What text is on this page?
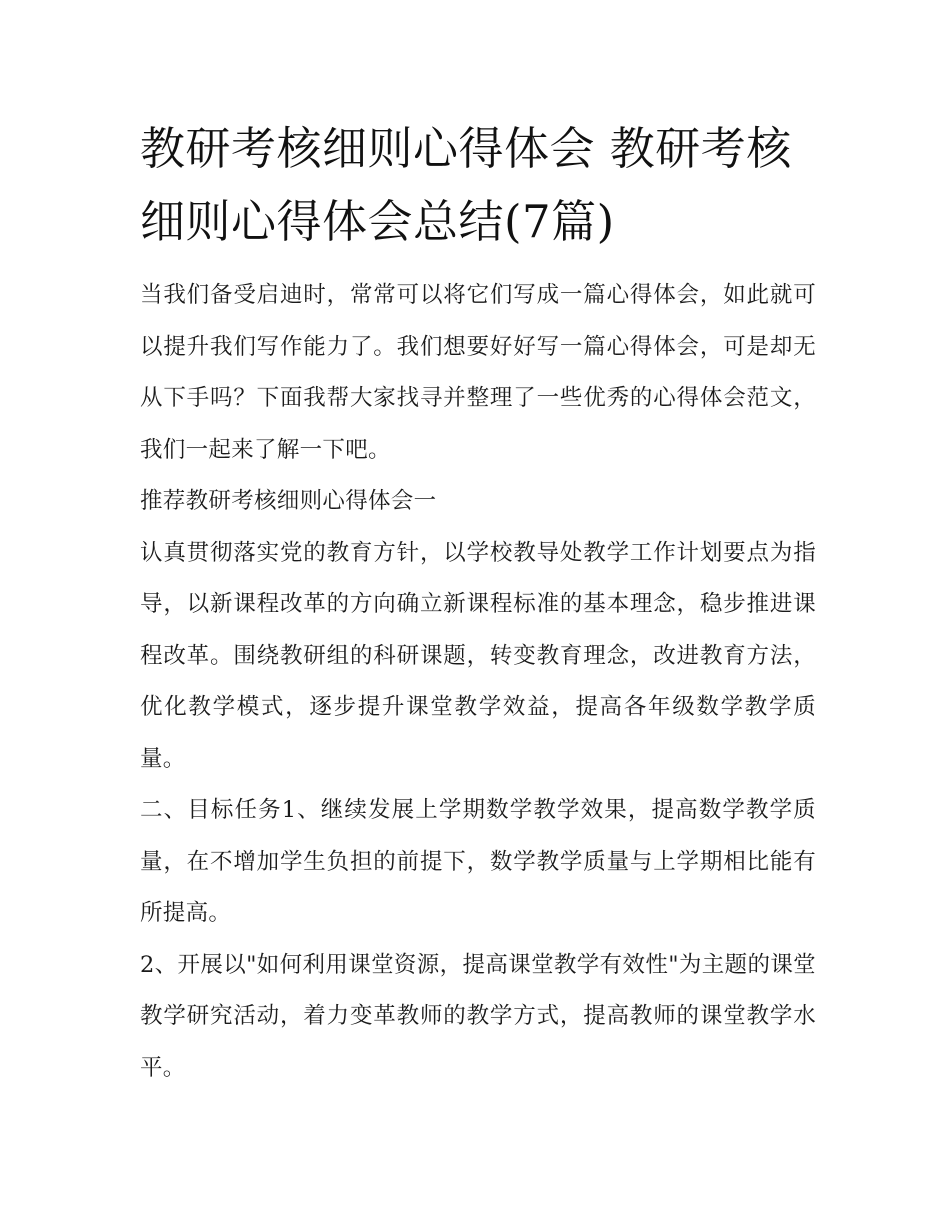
教研考核细则心得体会 教研考核细则心得体会总结(7篇)

当我们备受启迪时，常常可以将它们写成一篇心得体会，如此就可以提升我们写作能力了。我们想要好好写一篇心得体会，可是却无从下手吗？下面我帮大家找寻并整理了一些优秀的心得体会范文，我们一起来了解一下吧。

推荐教研考核细则心得体会一

认真贯彻落实党的教育方针，以学校教导处教学工作计划要点为指导，以新课程改革的方向确立新课程标准的基本理念，稳步推进课程改革。围绕教研组的科研课题，转变教育理念，改进教育方法，优化教学模式，逐步提升课堂教学效益，提高各年级数学教学质量。

二、目标任务1、继续发展上学期数学教学效果，提高数学教学质量，在不增加学生负担的前提下，数学教学质量与上学期相比能有所提高。

2、开展以"如何利用课堂资源，提高课堂教学有效性"为主题的课堂教学研究活动，着力变革教师的教学方式，提高教师的课堂教学水平。
